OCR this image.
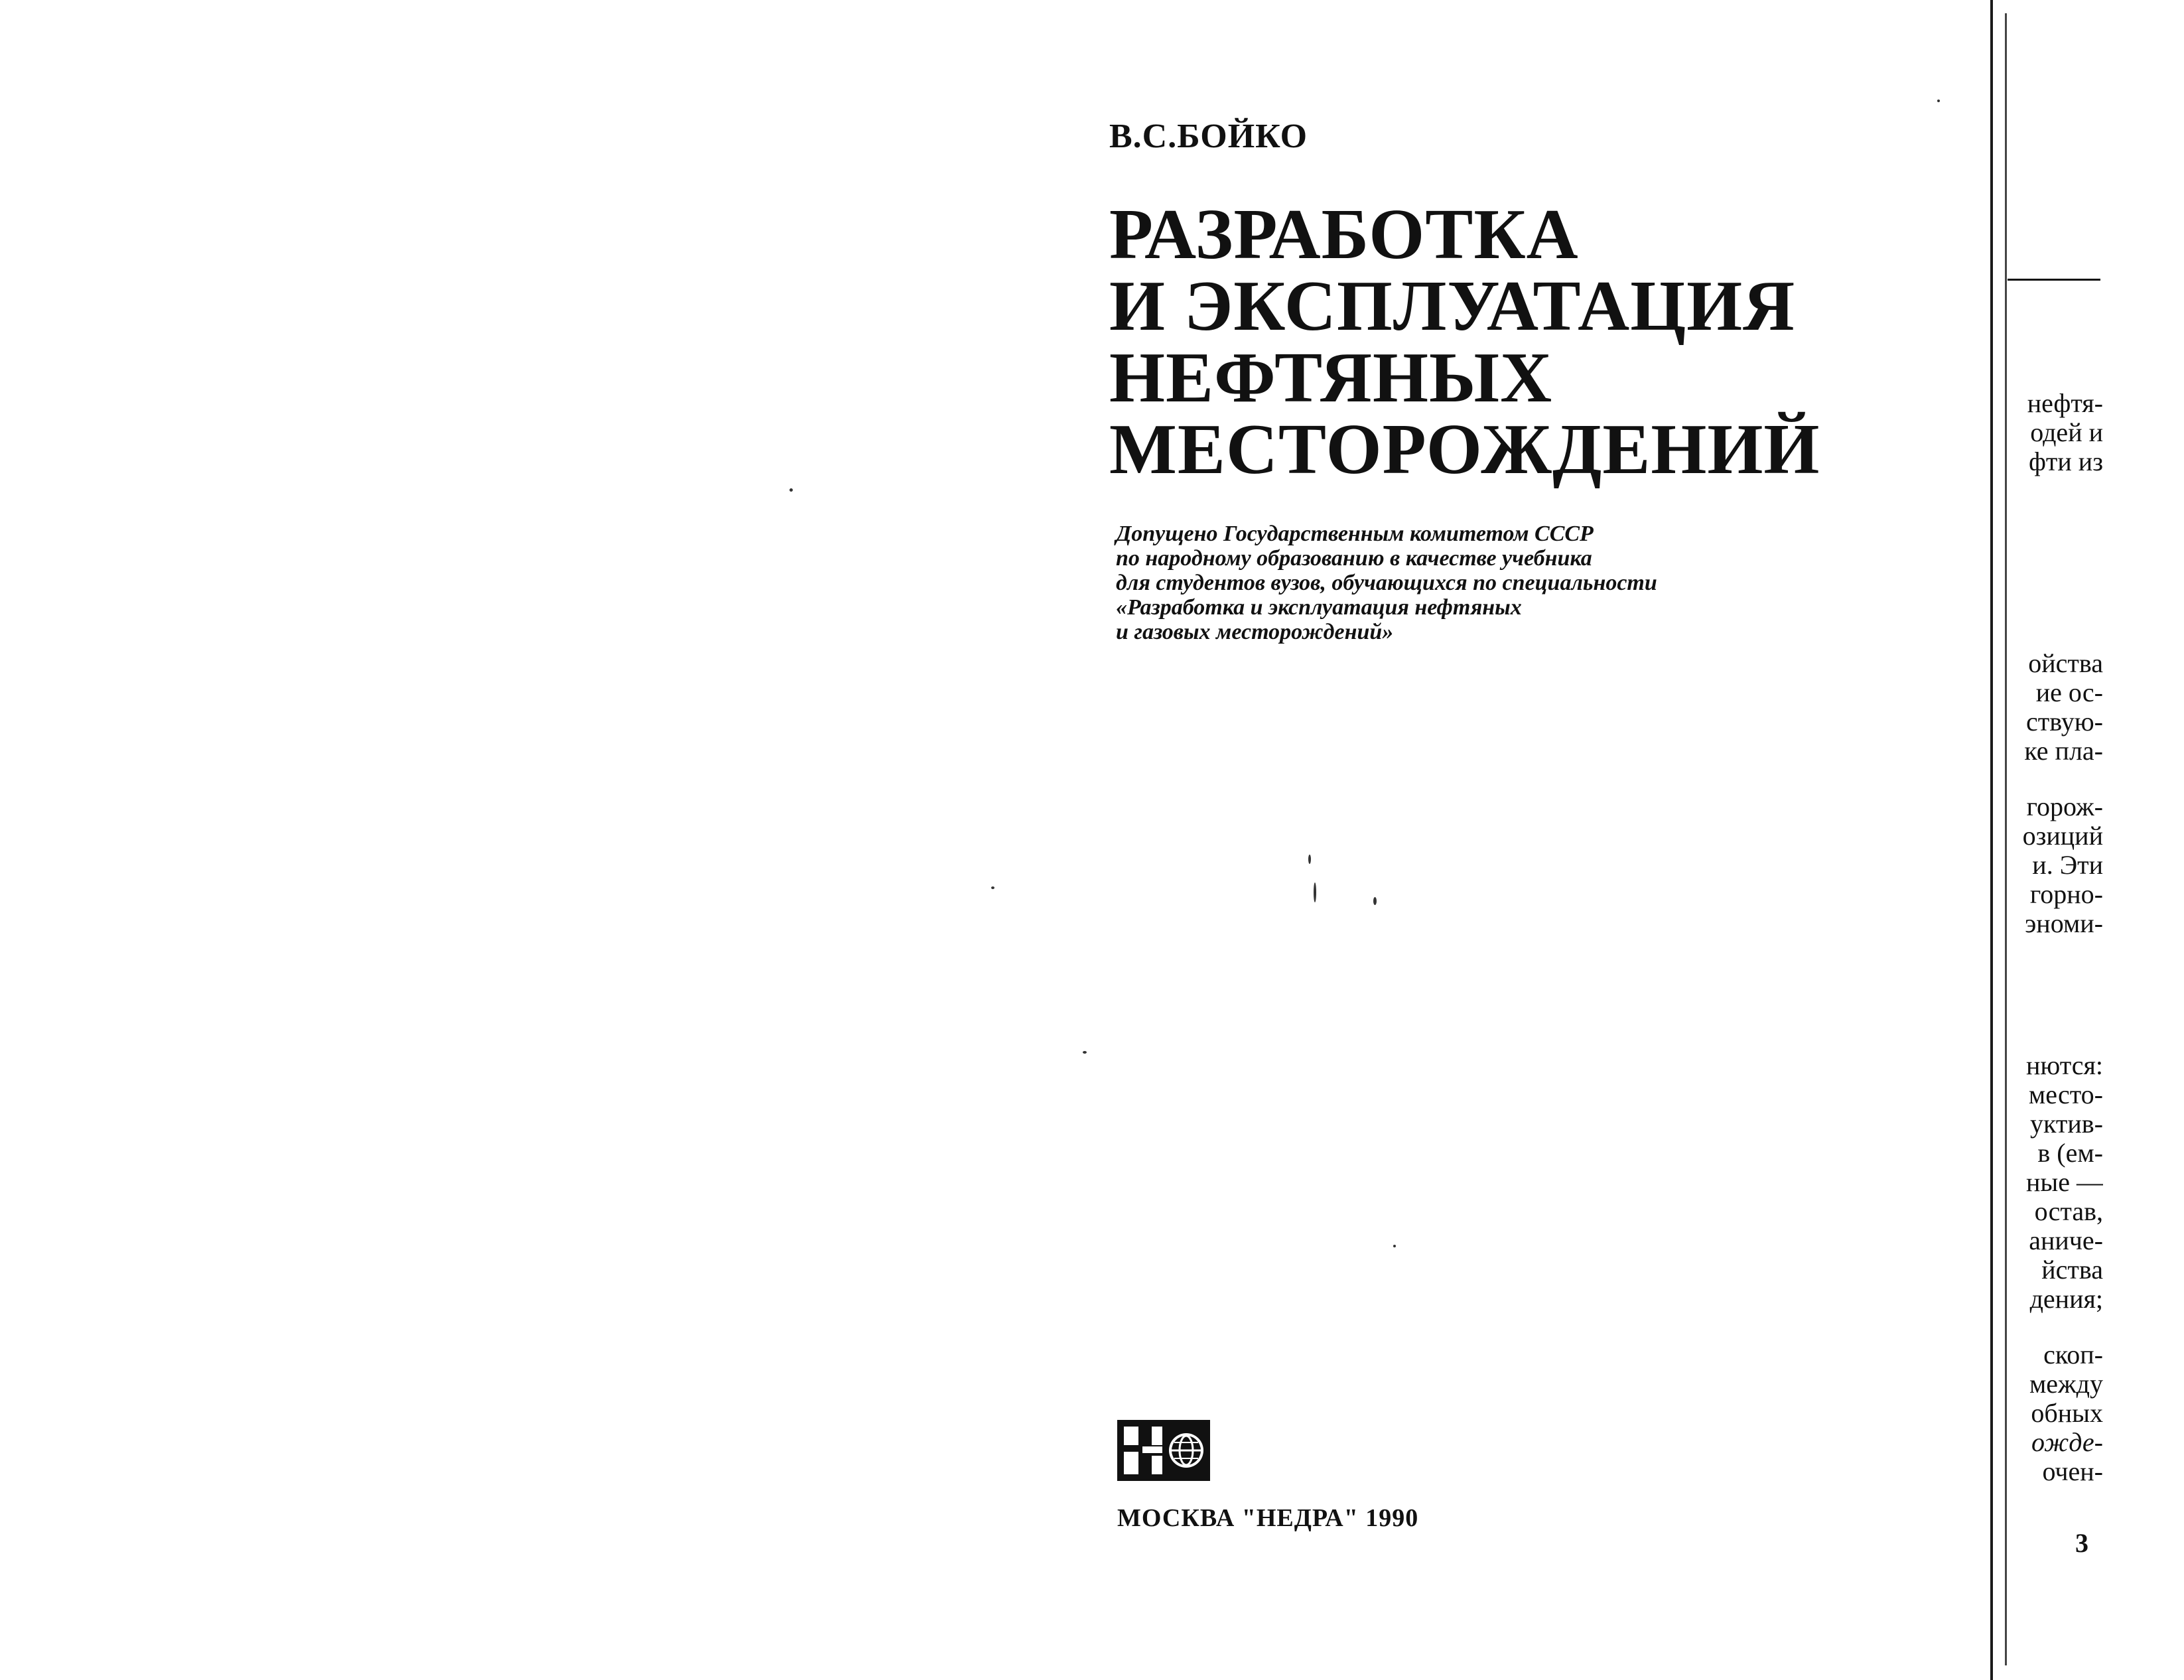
В.С.БОЙКО
РАЗРАБОТКА
И ЭКСПЛУАТАЦИЯ
НЕФТЯНЫХ
МЕСТОРОЖДЕНИЙ
Допущено Государственным комитетом СССР
по народному образованию в качестве учебника
для студентов вузов, обучающихся по специальности
«Разработка и эксплуатация нефтяных
и газовых месторождений»
МОСКВА "НЕДРА" 1990
нефтя-
одей и
фти из
ойства
ие ос-
ствую-
ке пла-
горож-
озиций
и. Эти
горно-
эноми-
нются:
место-
уктив-
в (ем-
ные —
остав,
аниче-
йства
дения;
скоп-
между
обных
ожде-
очен-
3
